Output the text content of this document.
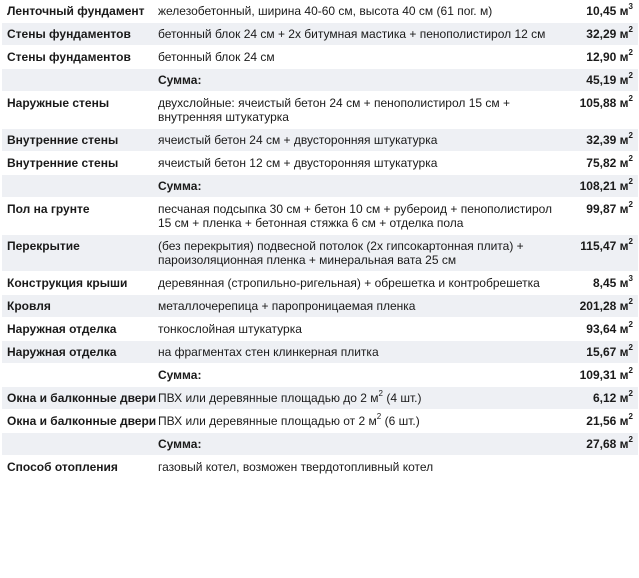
Ленточный фундамент	железобетонный, ширина 40-60 см, высота 40 см (61 пог. м)	10,45 $м^3$
Стены фундаментов	бетонный блок 24 см + 2х битумная мастика + пенополистирол 12 см	32,29 $м^2$
Стены фундаментов	бетонный блок 24 см	12,90 $м^2$
	Сумма:	45,19 $м^2$
Наружные стены	двухслойные: ячеистый бетон 24 см + пенополистирол 15 см + внутренняя штукатурка	105,88 $м^2$
Внутренние стены	ячеистый бетон 24 см + двусторонняя штукатурка	32,39 $м^2$
Внутренние стены	ячеистый бетон 12 см + двусторонняя штукатурка	75,82 $м^2$
	Сумма:	108,21 $м^2$
Пол на грунте	песчаная подсыпка 30 см + бетон 10 см + рубероид + пенополистирол 15 см + пленка + бетонная стяжка 6 см + отделка пола	99,87 $м^2$
Перекрытие	(без перекрытия) подвесной потолок (2х гипсокартонная плита) + пароизоляционная пленка + минеральная вата 25 см	115,47 $м^2$
Конструкция крыши	деревянная (стропильно-ригельная) + обрешетка и контробрешетка	8,45 $м^3$
Кровля	металлочерепица + паропроницаемая пленка	201,28 $м^2$
Наружная отделка	тонкослойная штукатурка	93,64 $м^2$
Наружная отделка	на фрагментах стен клинкерная плитка	15,67 $м^2$
	Сумма:	109,31 $м^2$
Окна и балконные двери	ПВХ или деревянные площадью до 2 $м^2$ (4 шт.)	6,12 $м^2$
Окна и балконные двери	ПВХ или деревянные площадью от 2 $м^2$ (6 шт.)	21,56 $м^2$
	Сумма:	27,68 $м^2$
Способ отопления	газовый котел, возможен твердотопливный котел	
